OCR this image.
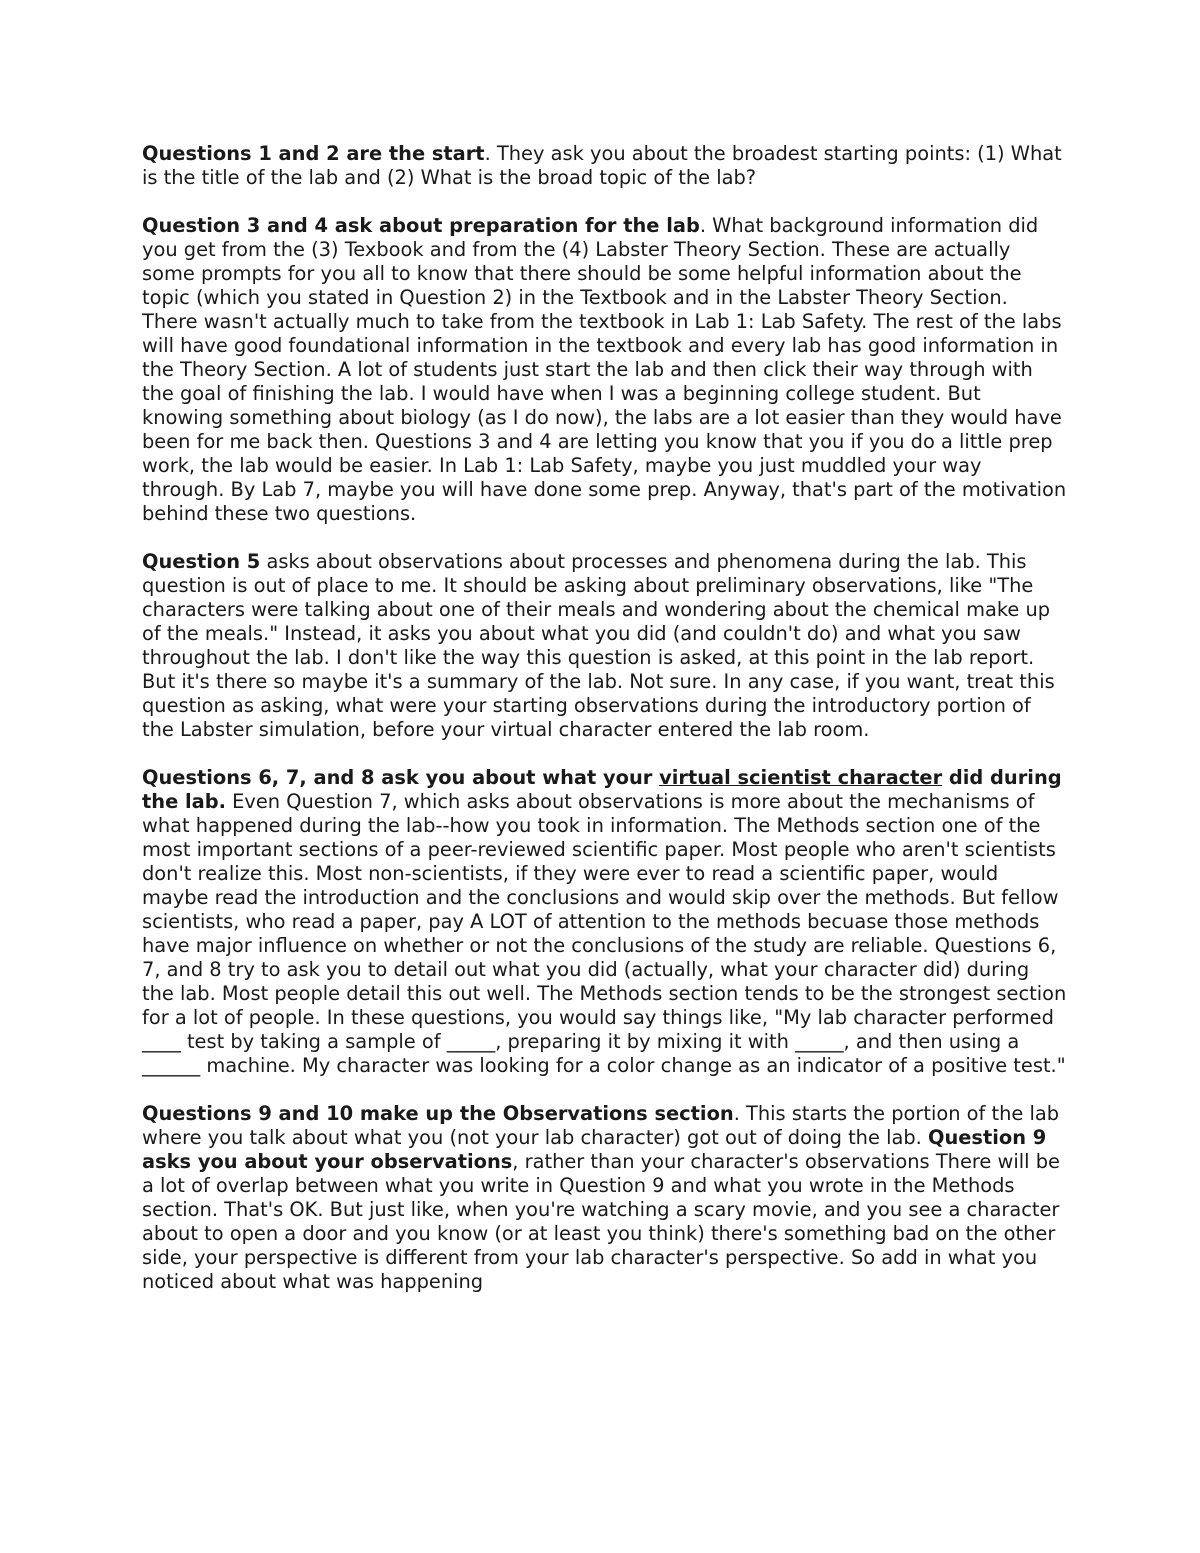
Questions 1 and 2 are the start. They ask you about the broadest starting points: (1) What is the title of the lab and (2) What is the broad topic of the lab?

Question 3 and 4 ask about preparation for the lab. What background information did you get from the (3) Texbook and from the (4) Labster Theory Section. These are actually some prompts for you all to know that there should be some helpful information about the topic (which you stated in Question 2) in the Textbook and in the Labster Theory Section. There wasn't actually much to take from the textbook in Lab 1: Lab Safety. The rest of the labs will have good foundational information in the textbook and every lab has good information in the Theory Section. A lot of students just start the lab and then click their way through with the goal of finishing the lab. I would have when I was a beginning college student. But knowing something about biology (as I do now), the labs are a lot easier than they would have been for me back then. Questions 3 and 4 are letting you know that you if you do a little prep work, the lab would be easier. In Lab 1: Lab Safety, maybe you just muddled your way through. By Lab 7, maybe you will have done some prep. Anyway, that's part of the motivation behind these two questions.

Question 5 asks about observations about processes and phenomena during the lab. This question is out of place to me. It should be asking about preliminary observations, like "The characters were talking about one of their meals and wondering about the chemical make up of the meals." Instead, it asks you about what you did (and couldn't do) and what you saw throughout the lab. I don't like the way this question is asked, at this point in the lab report. But it's there so maybe it's a summary of the lab. Not sure. In any case, if you want, treat this question as asking, what were your starting observations during the introductory portion of the Labster simulation, before your virtual character entered the lab room.

Questions 6, 7, and 8 ask you about what your virtual scientist character did during the lab. Even Question 7, which asks about observations is more about the mechanisms of what happened during the lab--how you took in information. The Methods section one of the most important sections of a peer-reviewed scientific paper. Most people who aren't scientists don't realize this. Most non-scientists, if they were ever to read a scientific paper, would maybe read the introduction and the conclusions and would skip over the methods. But fellow scientists, who read a paper, pay A LOT of attention to the methods becuase those methods have major influence on whether or not the conclusions of the study are reliable. Questions 6, 7, and 8 try to ask you to detail out what you did (actually, what your character did) during the lab. Most people detail this out well. The Methods section tends to be the strongest section for a lot of people. In these questions, you would say things like, "My lab character performed ____ test by taking a sample of _____, preparing it by mixing it with _____, and then using a ______ machine. My character was looking for a color change as an indicator of a positive test."

Questions 9 and 10 make up the Observations section. This starts the portion of the lab where you talk about what you (not your lab character) got out of doing the lab. Question 9 asks you about your observations, rather than your character's observations There will be a lot of overlap between what you write in Question 9 and what you wrote in the Methods section. That's OK. But just like, when you're watching a scary movie, and you see a character about to open a door and you know (or at least you think) there's something bad on the other side, your perspective is different from your lab character's perspective. So add in what you noticed about what was happening
